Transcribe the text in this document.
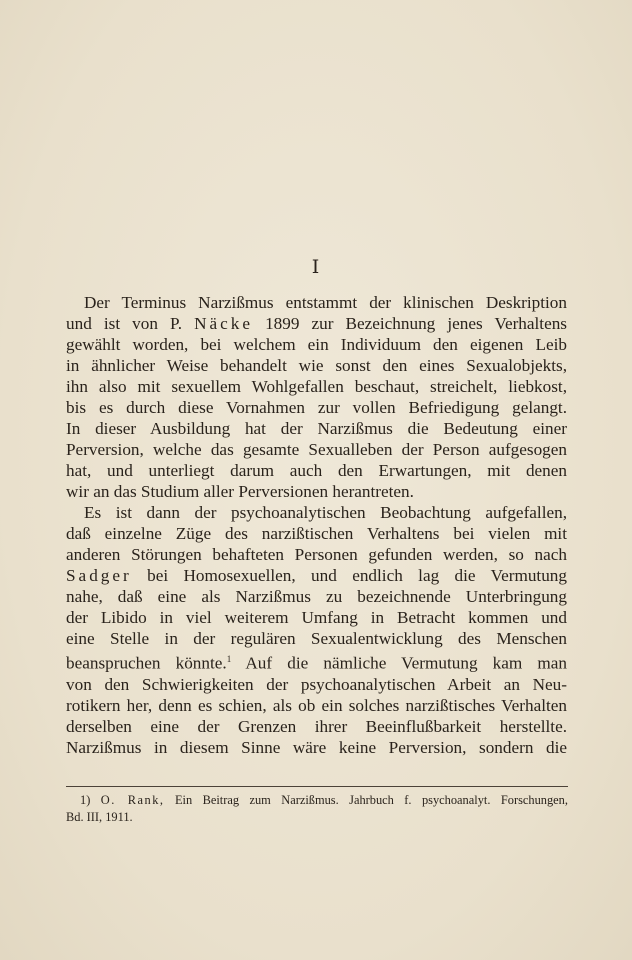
I
Der Terminus Narzißmus entstammt der klinischen Deskription
und ist von P. Näcke 1899 zur Bezeichnung jenes Verhaltens
gewählt worden, bei welchem ein Individuum den eigenen Leib
in ähnlicher Weise behandelt wie sonst den eines Sexualobjekts,
ihn also mit sexuellem Wohlgefallen beschaut, streichelt, liebkost,
bis es durch diese Vornahmen zur vollen Befriedigung gelangt.
In dieser Ausbildung hat der Narzißmus die Bedeutung einer
Perversion, welche das gesamte Sexualleben der Person aufgesogen
hat, und unterliegt darum auch den Erwartungen, mit denen
wir an das Studium aller Perversionen herantreten.
Es ist dann der psychoanalytischen Beobachtung aufgefallen,
daß einzelne Züge des narzißtischen Verhaltens bei vielen mit
anderen Störungen behafteten Personen gefunden werden, so nach
Sadger bei Homosexuellen, und endlich lag die Vermutung
nahe, daß eine als Narzißmus zu bezeichnende Unterbringung
der Libido in viel weiterem Umfang in Betracht kommen und
eine Stelle in der regulären Sexualentwicklung des Menschen
beanspruchen könnte.$^1$ Auf die nämliche Vermutung kam man
von den Schwierigkeiten der psychoanalytischen Arbeit an Neu-
rotikern her, denn es schien, als ob ein solches narzißtisches Verhalten
derselben eine der Grenzen ihrer Beeinflußbarkeit herstellte.
Narzißmus in diesem Sinne wäre keine Perversion, sondern die
1) O. Rank, Ein Beitrag zum Narzißmus. Jahrbuch f. psychoanalyt. Forschungen,
Bd. III, 1911.
